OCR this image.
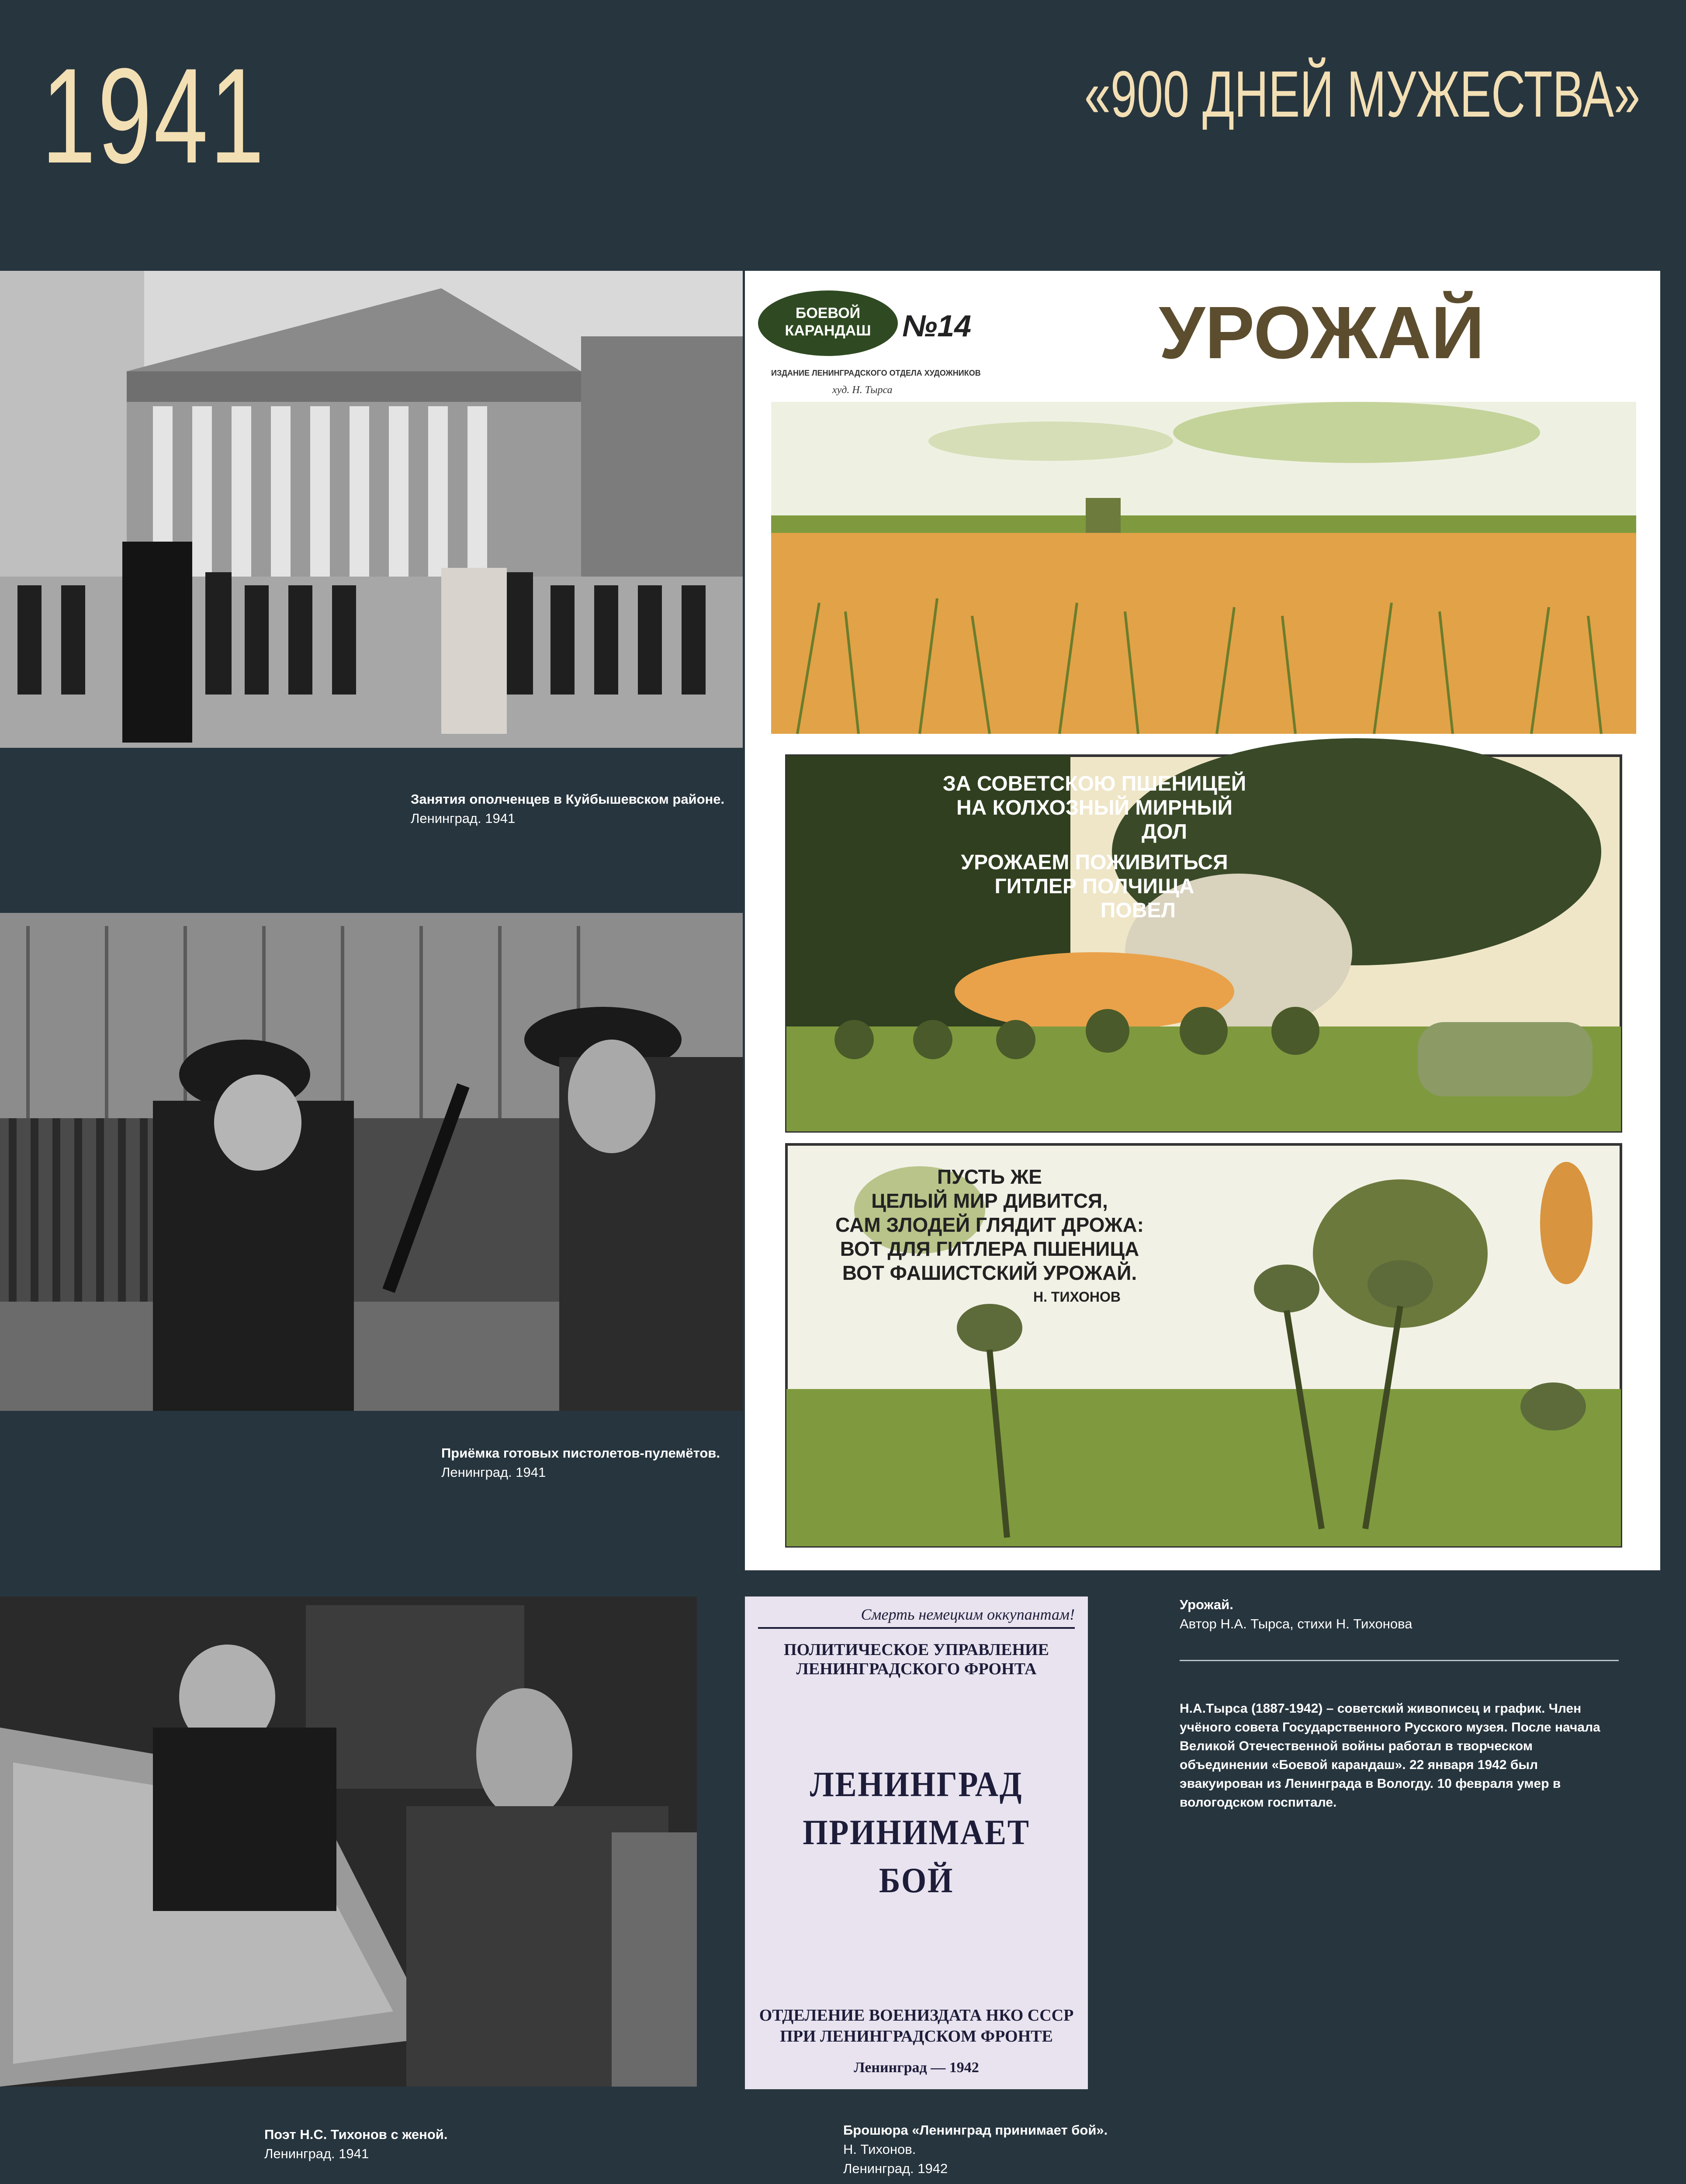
1941	«900 ДНЕЙ МУЖЕСТВА»
Занятия ополченцев в Куйбышевском районе.
Ленинград. 1941
Приёмка готовых пистолетов-пулемётов.
Ленинград. 1941
Поэт Н.С. Тихонов с женой.
Ленинград. 1941
БОЕВОЙ
КАРАНДАШ №14
ИЗДАНИЕ ЛЕНИНГРАДСКОГО ОТДЕЛА ХУДОЖНИКОВ
худ. Н. Тырса
УРОЖАЙ
ЗА СОВЕТСКОЮ ПШЕНИЦЕЙ
НА КОЛХОЗНЫЙ МИРНЫЙ
ДОЛ
УРОЖАЕМ ПОЖИВИТЬСЯ
ГИТЛЕР ПОЛЧИЩА
ПОВЕЛ
ПУСТЬ ЖЕ
ЦЕЛЫЙ МИР ДИВИТСЯ,
САМ ЗЛОДЕЙ ГЛЯДИТ ДРОЖА:
ВОТ ДЛЯ ГИТЛЕРА ПШЕНИЦА
ВОТ ФАШИСТСКИЙ УРОЖАЙ.
Н. ТИХОНОВ
Смерть немецким оккупантам!
ПОЛИТИЧЕСКОЕ УПРАВЛЕНИЕ
ЛЕНИНГРАДСКОГО ФРОНТА
ЛЕНИНГРАД
ПРИНИМАЕТ БОЙ
ОТДЕЛЕНИЕ ВОЕНИЗДАТА НКО СССР
ПРИ ЛЕНИНГРАДСКОМ ФРОНТЕ
Ленинград — 1942
Брошюра «Ленинград принимает бой».
Н. Тихонов.
Ленинград. 1942
Урожай.
Автор Н.А. Тырса, стихи Н. Тихонова
Н.А.Тырса (1887-1942) – советский живописец и график. Член учёного совета Государственного Русского музея. После начала Великой Отечественной войны работал в творческом объединении «Боевой карандаш». 22 января 1942 был эвакуирован из Ленинграда в Вологду. 10 февраля умер в вологодском госпитале.
